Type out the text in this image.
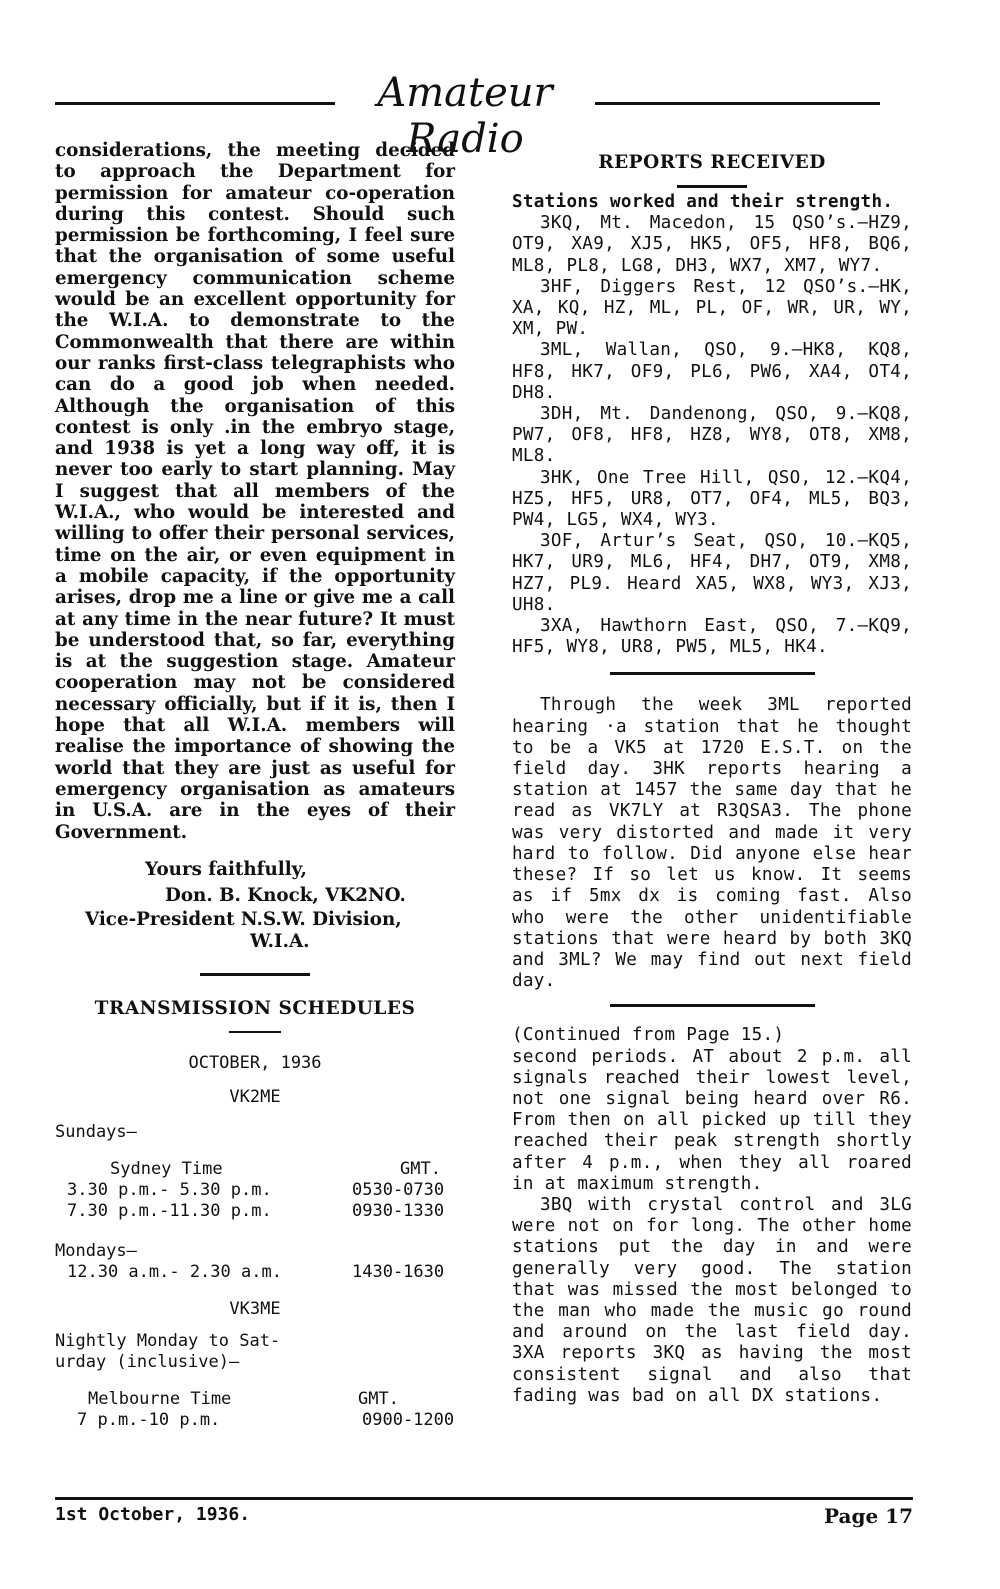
Amateur Radio

considerations, the meeting decided to approach the Department for permission for amateur co-operation during this contest. Should such permission be forthcoming, I feel sure that the organisation of some useful emergency communication scheme would be an excellent opportunity for the W.I.A. to demonstrate to the Commonwealth that there are within our ranks first-class telegraphists who can do a good job when needed. Although the organisation of this contest is only .in the embryo stage, and 1938 is yet a long way off, it is never too early to start planning. May I suggest that all members of the W.I.A., who would be interested and willing to offer their personal services, time on the air, or even equipment in a mobile capacity, if the opportunity arises, drop me a line or give me a call at any time in the near future? It must be understood that, so far, everything is at the suggestion stage. Amateur cooperation may not be considered necessary officially, but if it is, then I hope that all W.I.A. members will realise the importance of showing the world that they are just as useful for emergency organisation as amateurs in U.S.A. are in the eyes of their Government.

Yours faithfully,
Don. B. Knock, VK2NO.
Vice-President N.S.W. Division,
W.I.A.
TRANSMISSION SCHEDULES
OCTOBER, 1936
VK2ME
Sundays—
Sydney Time	GMT.
3.30 p.m.- 5.30 p.m.	0530-0730
7.30 p.m.-11.30 p.m.	0930-1330
Mondays—
12.30 a.m.- 2.30 a.m.	1430-1630
VK3ME
Nightly Monday to Sat-
urday (inclusive)—
Melbourne Time	GMT.
7 p.m.-10 p.m.	0900-1200
REPORTS RECEIVED

Stations worked and their strength.

3KQ, Mt. Macedon, 15 QSO’s.—HZ9, OT9, XA9, XJ5, HK5, OF5, HF8, BQ6, ML8, PL8, LG8, DH3, WX7, XM7, WY7.

3HF, Diggers Rest, 12 QSO’s.—HK, XA, KQ, HZ, ML, PL, OF, WR, UR, WY, XM, PW.

3ML, Wallan, QSO, 9.—HK8, KQ8, HF8, HK7, OF9, PL6, PW6, XA4, OT4, DH8.

3DH, Mt. Dandenong, QSO, 9.—KQ8, PW7, OF8, HF8, HZ8, WY8, OT8, XM8, ML8.

3HK, One Tree Hill, QSO, 12.—KQ4, HZ5, HF5, UR8, OT7, OF4, ML5, BQ3, PW4, LG5, WX4, WY3.

3OF, Artur’s Seat, QSO, 10.—KQ5, HK7, UR9, ML6, HF4, DH7, OT9, XM8, HZ7, PL9. Heard XA5, WX8, WY3, XJ3, UH8.

3XA, Hawthorn East, QSO, 7.—KQ9, HF5, WY8, UR8, PW5, ML5, HK4.

Through the week 3ML reported hearing ·a station that he thought to be a VK5 at 1720 E.S.T. on the field day. 3HK reports hearing a station at 1457 the same day that he read as VK7LY at R3QSA3. The phone was very distorted and made it very hard to follow. Did anyone else hear these? If so let us know. It seems as if 5mx dx is coming fast. Also who were the other unidentifiable stations that were heard by both 3KQ and 3ML? We may find out next field day.

(Continued from Page 15.)

second periods. AT about 2 p.m. all signals reached their lowest level, not one signal being heard over R6. From then on all picked up till they reached their peak strength shortly after 4 p.m., when they all roared in at maximum strength.

3BQ with crystal control and 3LG were not on for long. The other home stations put the day in and were generally very good. The station that was missed the most belonged to the man who made the music go round and around on the last field day. 3XA reports 3KQ as having the most consistent signal and also that fading was bad on all DX stations.

1st October, 1936.	Page 17
